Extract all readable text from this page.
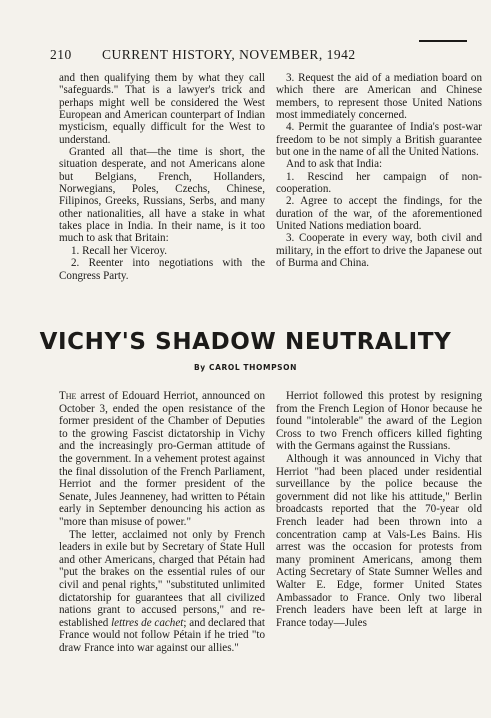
210 CURRENT HISTORY, NOVEMBER, 1942

and then qualifying them by what they call "safeguards." That is a lawyer's trick and perhaps might well be considered the West European and American counterpart of Indian mysticism, equally difficult for the West to understand.

Granted all that—the time is short, the situation desperate, and not Americans alone but Belgians, French, Hollanders, Norwegians, Poles, Czechs, Chinese, Filipinos, Greeks, Russians, Serbs, and many other nationalities, all have a stake in what takes place in India. In their name, is it too much to ask that Britain:

1. Recall her Viceroy.

2. Reenter into negotiations with the Congress Party.

3. Request the aid of a mediation board on which there are American and Chinese members, to represent those United Nations most immediately concerned.

4. Permit the guarantee of India's post-war freedom to be not simply a British guarantee but one in the name of all the United Nations.

And to ask that India:

1. Rescind her campaign of non-cooperation.

2. Agree to accept the findings, for the duration of the war, of the aforementioned United Nations mediation board.

3. Cooperate in every way, both civil and military, in the effort to drive the Japanese out of Burma and China.

VICHY'S SHADOW NEUTRALITY
By CAROL THOMPSON

The arrest of Edouard Herriot, announced on October 3, ended the open resistance of the former president of the Chamber of Deputies to the growing Fascist dictatorship in Vichy and the increasingly pro-German attitude of the government. In a vehement protest against the final dissolution of the French Parliament, Herriot and the former president of the Senate, Jules Jeanneney, had written to Pétain early in September denouncing his action as "more than misuse of power."

The letter, acclaimed not only by French leaders in exile but by Secretary of State Hull and other Americans, charged that Pétain had "put the brakes on the essential rules of our civil and penal rights," "substituted unlimited dictatorship for guarantees that all civilized nations grant to accused persons," and re-established lettres de cachet; and declared that France would not follow Pétain if he tried "to draw France into war against our allies."

Herriot followed this protest by resigning from the French Legion of Honor because he found "intolerable" the award of the Legion Cross to two French officers killed fighting with the Germans against the Russians.

Although it was announced in Vichy that Herriot "had been placed under residential surveillance by the police because the government did not like his attitude," Berlin broadcasts reported that the 70-year old French leader had been thrown into a concentration camp at Vals-Les Bains. His arrest was the occasion for protests from many prominent Americans, among them Acting Secretary of State Sumner Welles and Walter E. Edge, former United States Ambassador to France. Only two liberal French leaders have been left at large in France today—Jules
